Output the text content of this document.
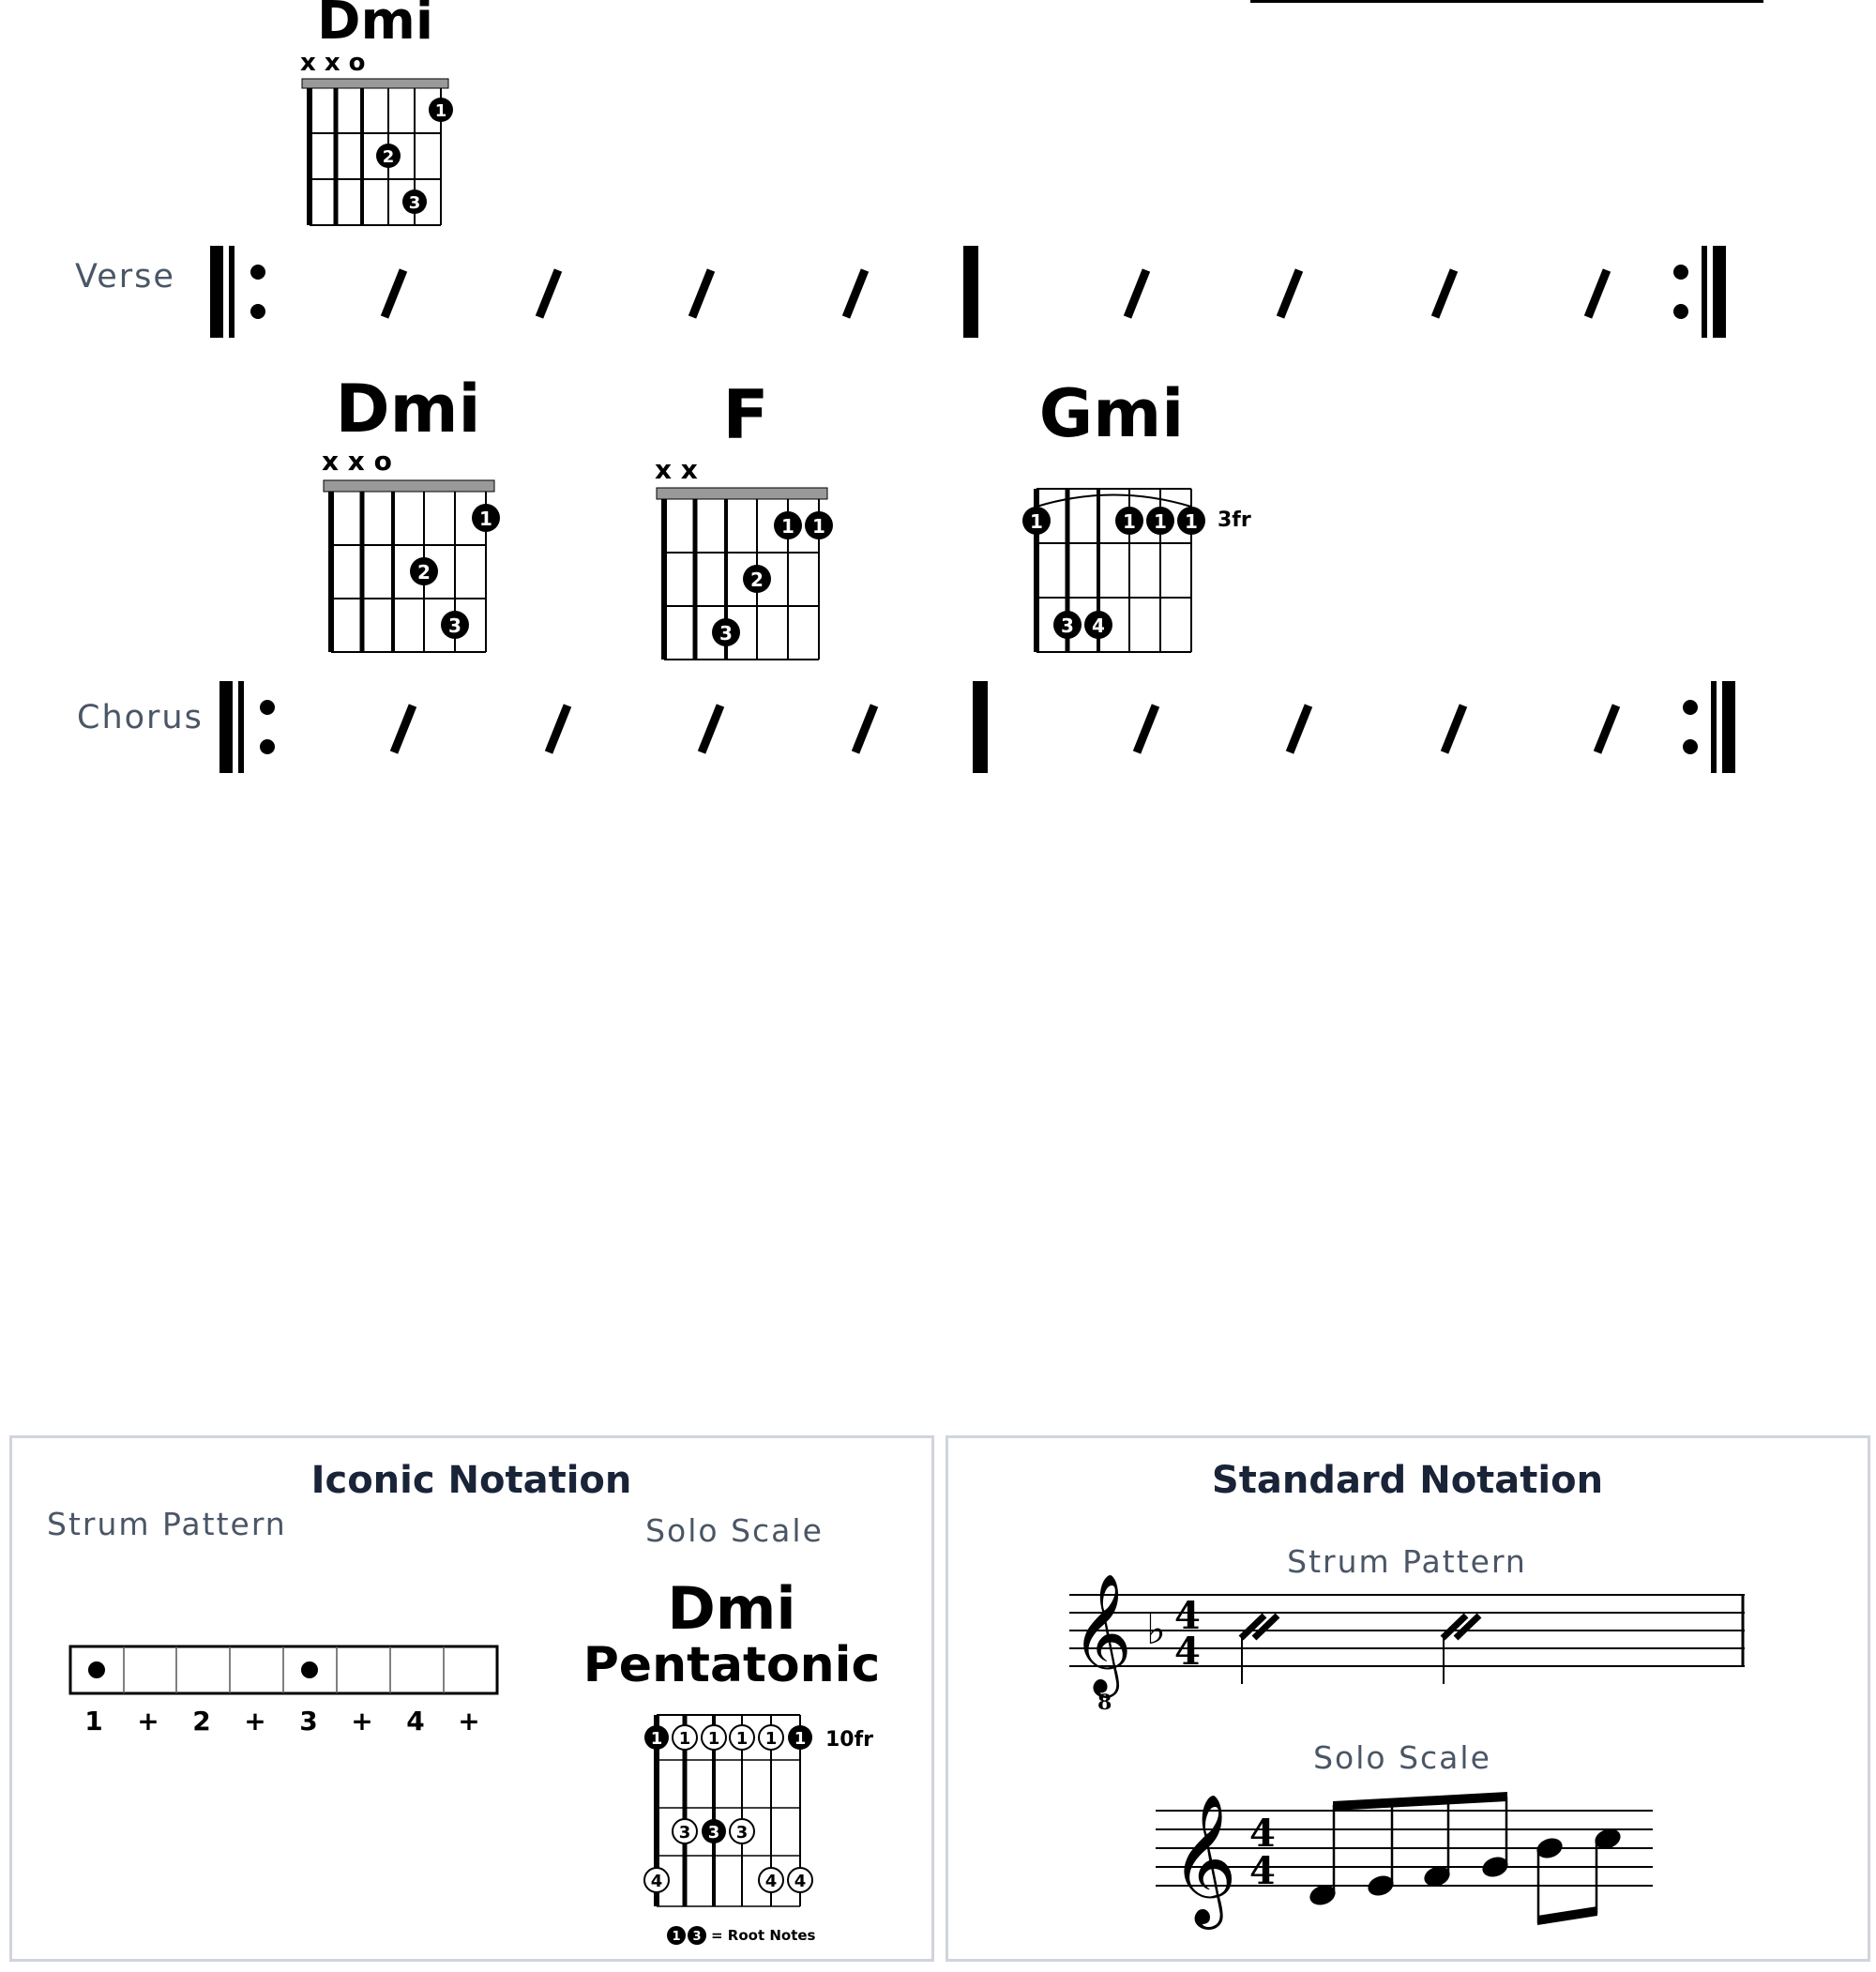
Dmi
x x o
1
2
3
Verse
Dmi
x x o
1
2
3
F
x x
1 1
2
3
Gmi
1	1 1 1
3 4
3fr
Chorus
Iconic Notation
Strum Pattern	Solo Scale
1	+	2	+	3	+	4	+
Dmi
Pentatonic
1 1 1 1 1 1
3 3 3
4	4 4
10fr
1 3 = Root Notes
Standard Notation
Strum Pattern
𝄞 ♭ 4
4
8
Solo Scale
𝄞 4
4
